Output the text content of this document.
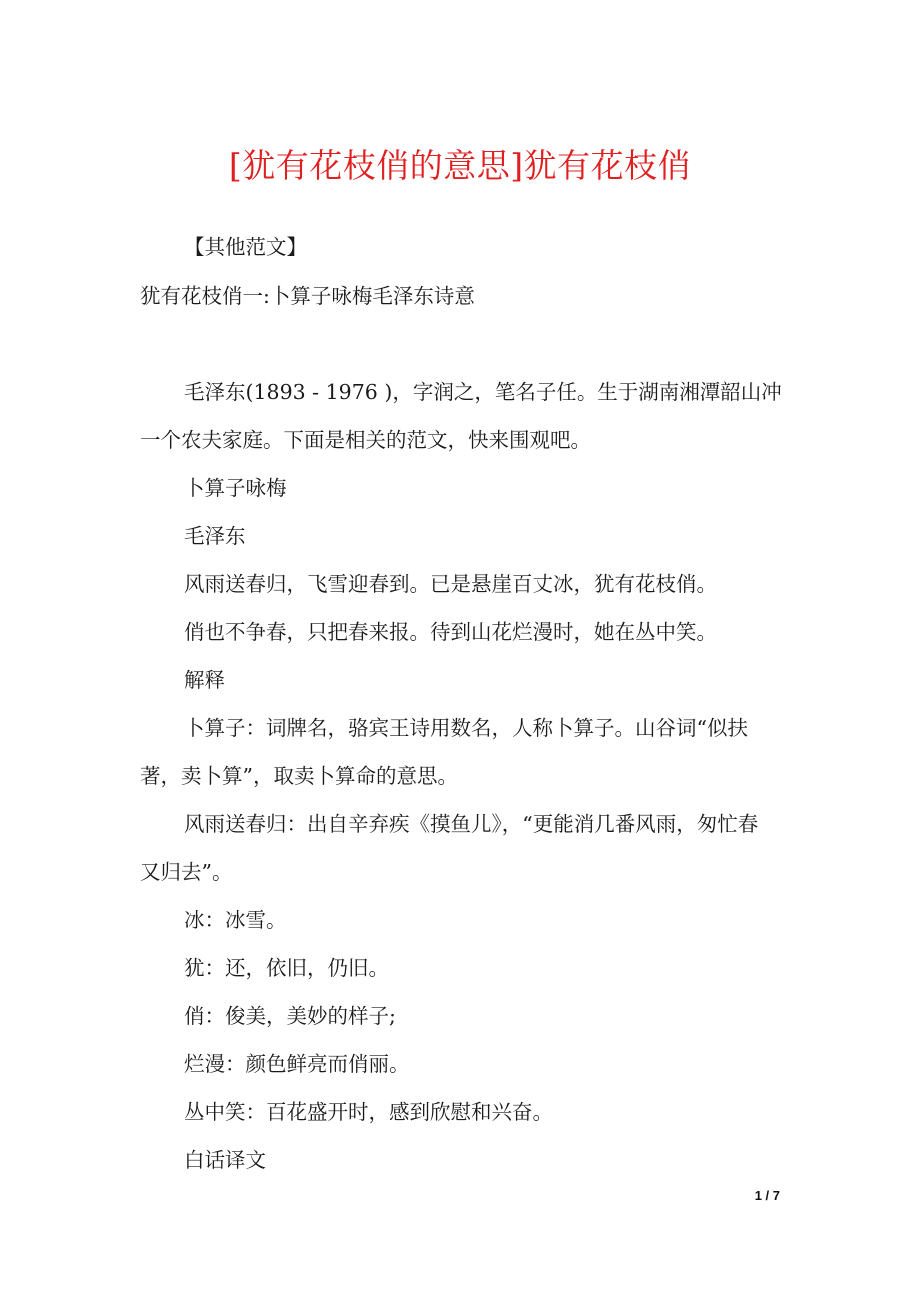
[犹有花枝俏的意思]犹有花枝俏
【其他范文】
犹有花枝俏一:卜算子咏梅毛泽东诗意
毛泽东(1893 - 1976 )，字润之，笔名子任。生于湖南湘潭韶山冲
一个农夫家庭。下面是相关的范文，快来围观吧。
卜算子咏梅
毛泽东
风雨送春归，飞雪迎春到。已是悬崖百丈冰，犹有花枝俏。
俏也不争春，只把春来报。待到山花烂漫时，她在丛中笑。
解释
卜算子：词牌名，骆宾王诗用数名，人称卜算子。山谷词“似扶
著，卖卜算”，取卖卜算命的意思。
风雨送春归：出自辛弃疾《摸鱼儿》，“更能消几番风雨，匆忙春
又归去”。
冰：冰雪。
犹：还，依旧，仍旧。
俏：俊美，美妙的样子;
烂漫：颜色鲜亮而俏丽。
丛中笑：百花盛开时，感到欣慰和兴奋。
白话译文
1 / 7
